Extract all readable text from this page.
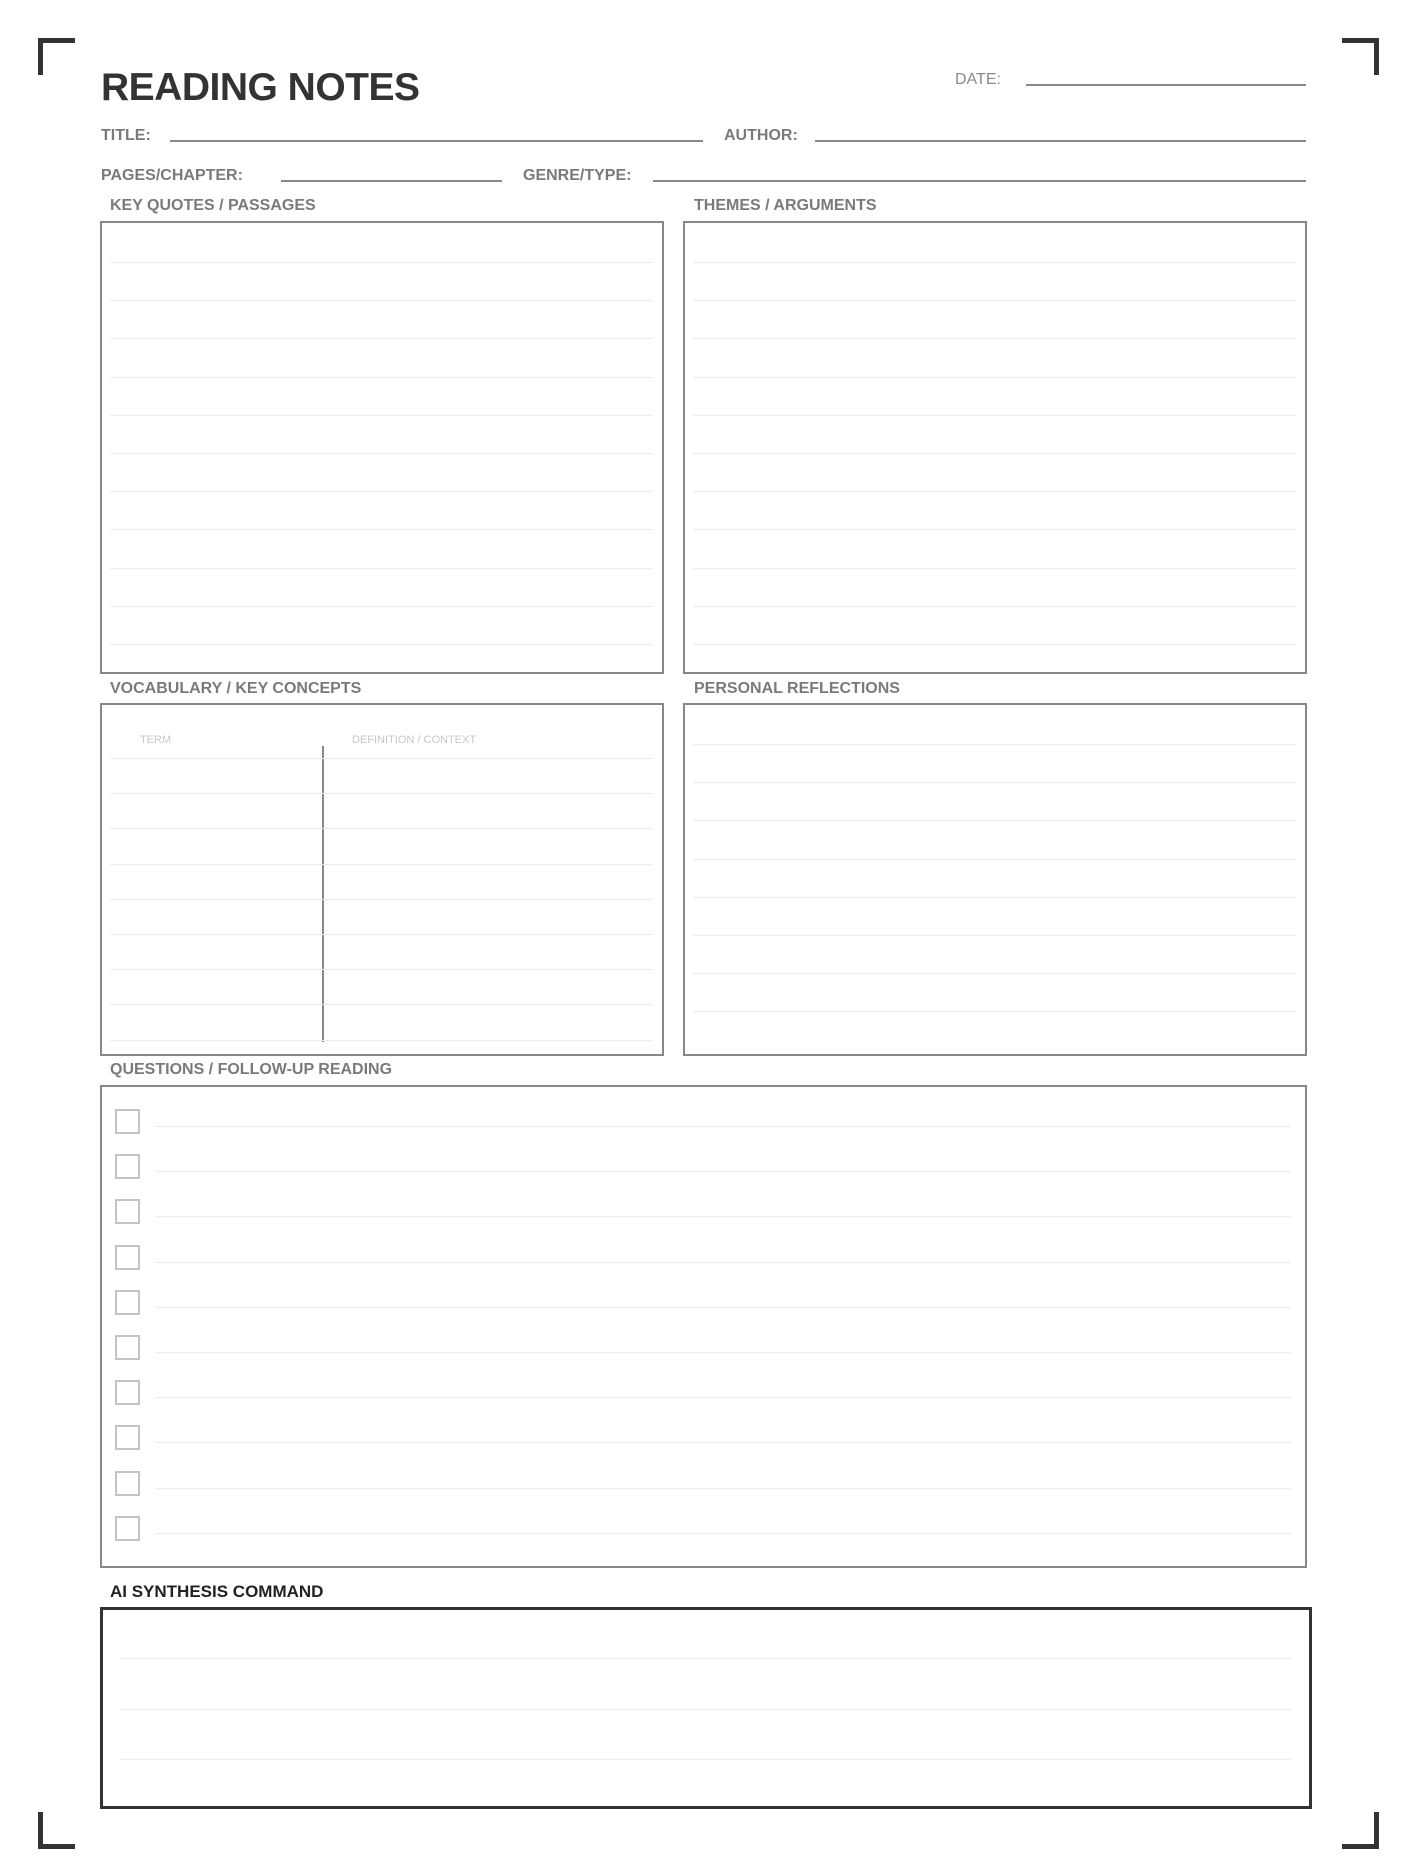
READING NOTES	DATE:
TITLE:	AUTHOR:
PAGES/CHAPTER:	GENRE/TYPE:
KEY QUOTES / PASSAGES	THEMES / ARGUMENTS
VOCABULARY / KEY CONCEPTS	PERSONAL REFLECTIONS
TERM	DEFINITION / CONTEXT
QUESTIONS / FOLLOW-UP READING
AI SYNTHESIS COMMAND
